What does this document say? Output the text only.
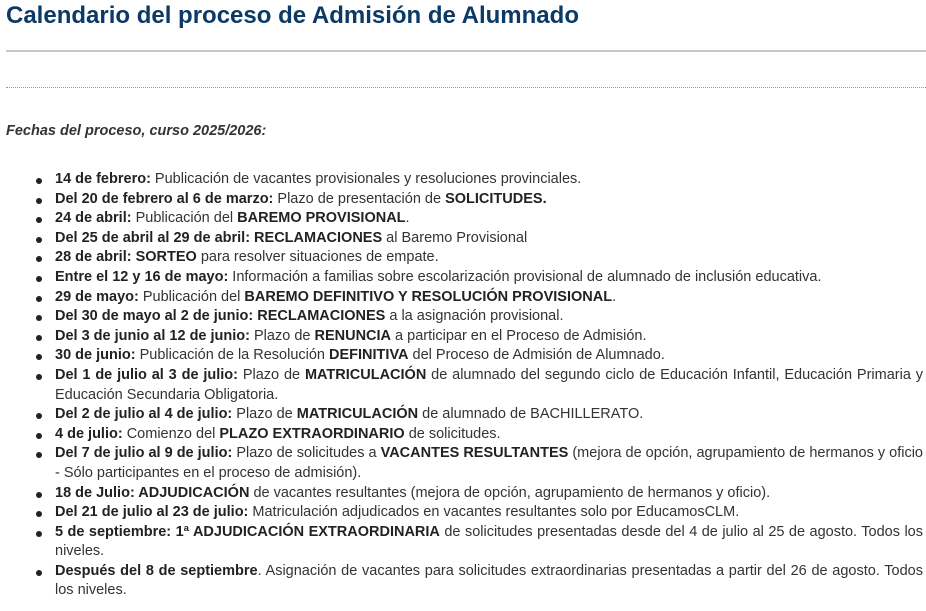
Calendario del proceso de Admisión de Alumnado

Fechas del proceso, curso 2025/2026:

14 de febrero: Publicación de vacantes provisionales y resoluciones provinciales.
Del 20 de febrero al 6 de marzo: Plazo de presentación de SOLICITUDES.
24 de abril: Publicación del BAREMO PROVISIONAL.
Del 25 de abril al 29 de abril: RECLAMACIONES al Baremo Provisional
28 de abril: SORTEO para resolver situaciones de empate.
Entre el 12 y 16 de mayo: Información a familias sobre escolarización provisional de alumnado de inclusión educativa.
29 de mayo: Publicación del BAREMO DEFINITIVO Y RESOLUCIÓN PROVISIONAL.
Del 30 de mayo al 2 de junio: RECLAMACIONES a la asignación provisional.
Del 3 de junio al 12 de junio: Plazo de RENUNCIA a participar en el Proceso de Admisión.
30 de junio: Publicación de la Resolución DEFINITIVA del Proceso de Admisión de Alumnado.
Del 1 de julio al 3 de julio: Plazo de MATRICULACIÓN de alumnado del segundo ciclo de Educación Infantil, Educación Primaria y Educación Secundaria Obligatoria.
Del 2 de julio al 4 de julio: Plazo de MATRICULACIÓN de alumnado de BACHILLERATO.
4 de julio: Comienzo del PLAZO EXTRAORDINARIO de solicitudes.
Del 7 de julio al 9 de julio: Plazo de solicitudes a VACANTES RESULTANTES (mejora de opción, agrupamiento de hermanos y oficio - Sólo participantes en el proceso de admisión).
18 de Julio: ADJUDICACIÓN de vacantes resultantes (mejora de opción, agrupamiento de hermanos y oficio).
Del 21 de julio al 23 de julio: Matriculación adjudicados en vacantes resultantes solo por EducamosCLM.
5 de septiembre: 1ª ADJUDICACIÓN EXTRAORDINARIA de solicitudes presentadas desde del 4 de julio al 25 de agosto. Todos los niveles.
Después del 8 de septiembre. Asignación de vacantes para solicitudes extraordinarias presentadas a partir del 26 de agosto. Todos los niveles.
